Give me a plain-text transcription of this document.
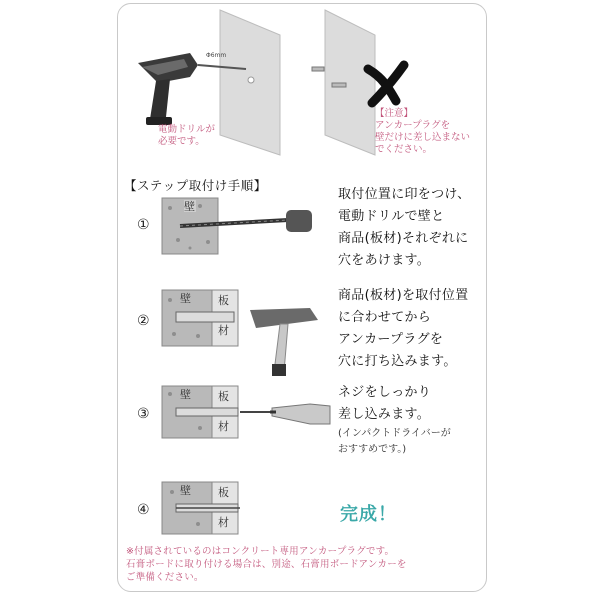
Φ6mm
電動ドリルが
必要です。
【注意】
アンカープラグを
壁だけに差し込まない
でください。
【ステップ取付け手順】
①
壁
取付位置に印をつけ、
電動ドリルで壁と
商品(板材)それぞれに
穴をあけます。
②
壁 板
材
商品(板材)を取付位置
に合わせてから
アンカープラグを
穴に打ち込みます。
③
壁 板
材
ネジをしっかり
差し込みます。
(インパクトドライバーが
おすすめです。)
④
壁 板
材	完成！
※付属されているのはコンクリート専用アンカープラグです。
石膏ボードに取り付ける場合は、別途、石膏用ボードアンカーを
ご準備ください。
